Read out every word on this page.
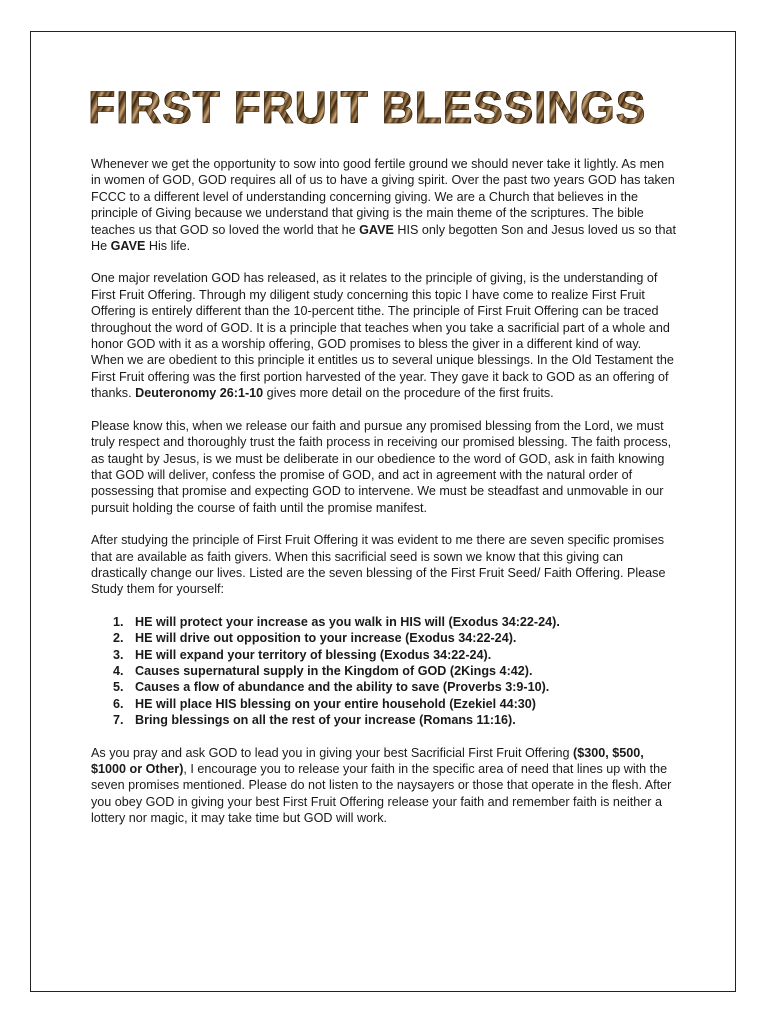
FIRST FRUIT BLESSINGS

Whenever we get the opportunity to sow into good fertile ground we should never take it lightly. As men in women of GOD, GOD requires all of us to have a giving spirit. Over the past two years GOD has taken FCCC to a different level of understanding concerning giving. We are a Church that believes in the principle of Giving because we understand that giving is the main theme of the scriptures. The bible teaches us that GOD so loved the world that he GAVE HIS only begotten Son and Jesus loved us so that He GAVE His life.

One major revelation GOD has released, as it relates to the principle of giving, is the understanding of First Fruit Offering. Through my diligent study concerning this topic I have come to realize First Fruit Offering is entirely different than the 10-percent tithe. The principle of First Fruit Offering can be traced throughout the word of GOD. It is a principle that teaches when you take a sacrificial part of a whole and honor GOD with it as a worship offering, GOD promises to bless the giver in a different kind of way. When we are obedient to this principle it entitles us to several unique blessings. In the Old Testament the First Fruit offering was the first portion harvested of the year. They gave it back to GOD as an offering of thanks. Deuteronomy 26:1-10 gives more detail on the procedure of the first fruits.

Please know this, when we release our faith and pursue any promised blessing from the Lord, we must truly respect and thoroughly trust the faith process in receiving our promised blessing. The faith process, as taught by Jesus, is we must be deliberate in our obedience to the word of GOD, ask in faith knowing that GOD will deliver, confess the promise of GOD, and act in agreement with the natural order of possessing that promise and expecting GOD to intervene. We must be steadfast and unmovable in our pursuit holding the course of faith until the promise manifest.

After studying the principle of First Fruit Offering it was evident to me there are seven specific promises that are available as faith givers. When this sacrificial seed is sown we know that this giving can drastically change our lives. Listed are the seven blessing of the First Fruit Seed/ Faith Offering. Please Study them for yourself:

HE will protect your increase as you walk in HIS will (Exodus 34:22-24).
HE will drive out opposition to your increase (Exodus 34:22-24).
HE will expand your territory of blessing (Exodus 34:22-24).
Causes supernatural supply in the Kingdom of GOD (2Kings 4:42).
Causes a flow of abundance and the ability to save (Proverbs 3:9-10).
HE will place HIS blessing on your entire household (Ezekiel 44:30)
Bring blessings on all the rest of your increase (Romans 11:16).

As you pray and ask GOD to lead you in giving your best Sacrificial First Fruit Offering ($300, $500, $1000 or Other), I encourage you to release your faith in the specific area of need that lines up with the seven promises mentioned. Please do not listen to the naysayers or those that operate in the flesh. After you obey GOD in giving your best First Fruit Offering release your faith and remember faith is neither a lottery nor magic, it may take time but GOD will work.
